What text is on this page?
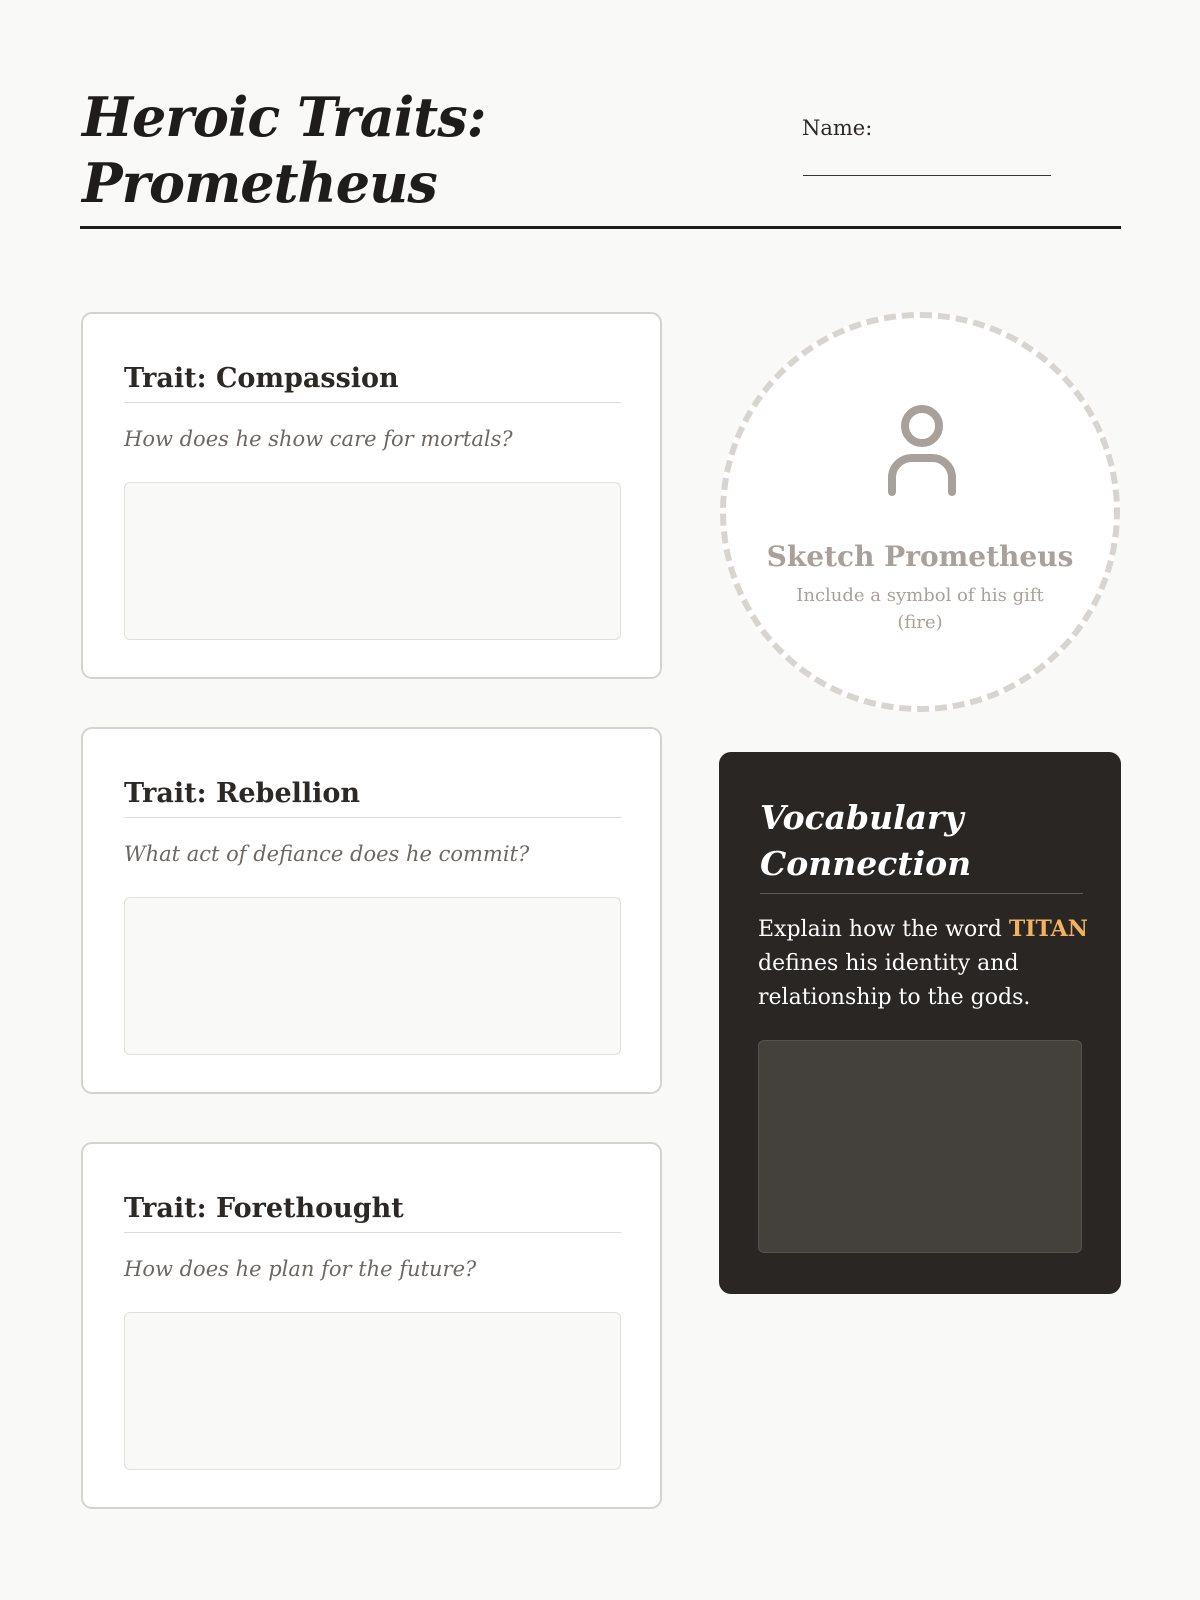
Heroic Traits:
Prometheus
Name:
Trait: Compassion
How does he show care for mortals?
Trait: Rebellion
What act of defiance does he commit?
Trait: Forethought
How does he plan for the future?
Sketch Prometheus
Include a symbol of his gift (fire)
Vocabulary
Connection
Explain how the word TITAN defines his identity and relationship to the gods.
